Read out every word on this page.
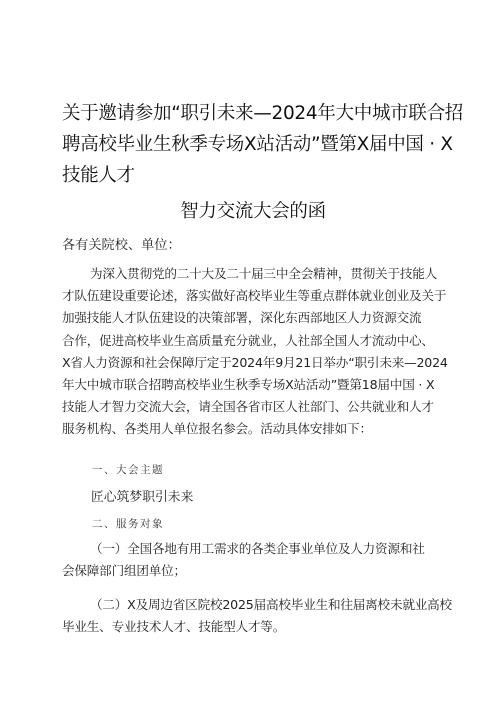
关于邀请参加“职引未来—2024年大中城市联合招
聘高校毕业生秋季专场X站活动”暨第X届中国 · X
技能人才
智力交流大会的函
各有关院校、单位：
为深入贯彻党的二十大及二十届三中全会精神，贯彻关于技能人
才队伍建设重要论述，落实做好高校毕业生等重点群体就业创业及关于
加强技能人才队伍建设的决策部署，深化东西部地区人力资源交流
合作，促进高校毕业生高质量充分就业，人社部全国人才流动中心、
X省人力资源和社会保障厅定于2024年9月21日举办“职引未来—2024
年大中城市联合招聘高校毕业生秋季专场X站活动”暨第18届中国 · X
技能人才智力交流大会，请全国各省市区人社部门、公共就业和人才
服务机构、各类用人单位报名参会。活动具体安排如下：
一、大会主题
匠心筑梦职引未来
二、服务对象
（一）全国各地有用工需求的各类企事业单位及人力资源和社
会保障部门组团单位；
（二）X及周边省区院校2025届高校毕业生和往届离校未就业高校
毕业生、专业技术人才、技能型人才等。
